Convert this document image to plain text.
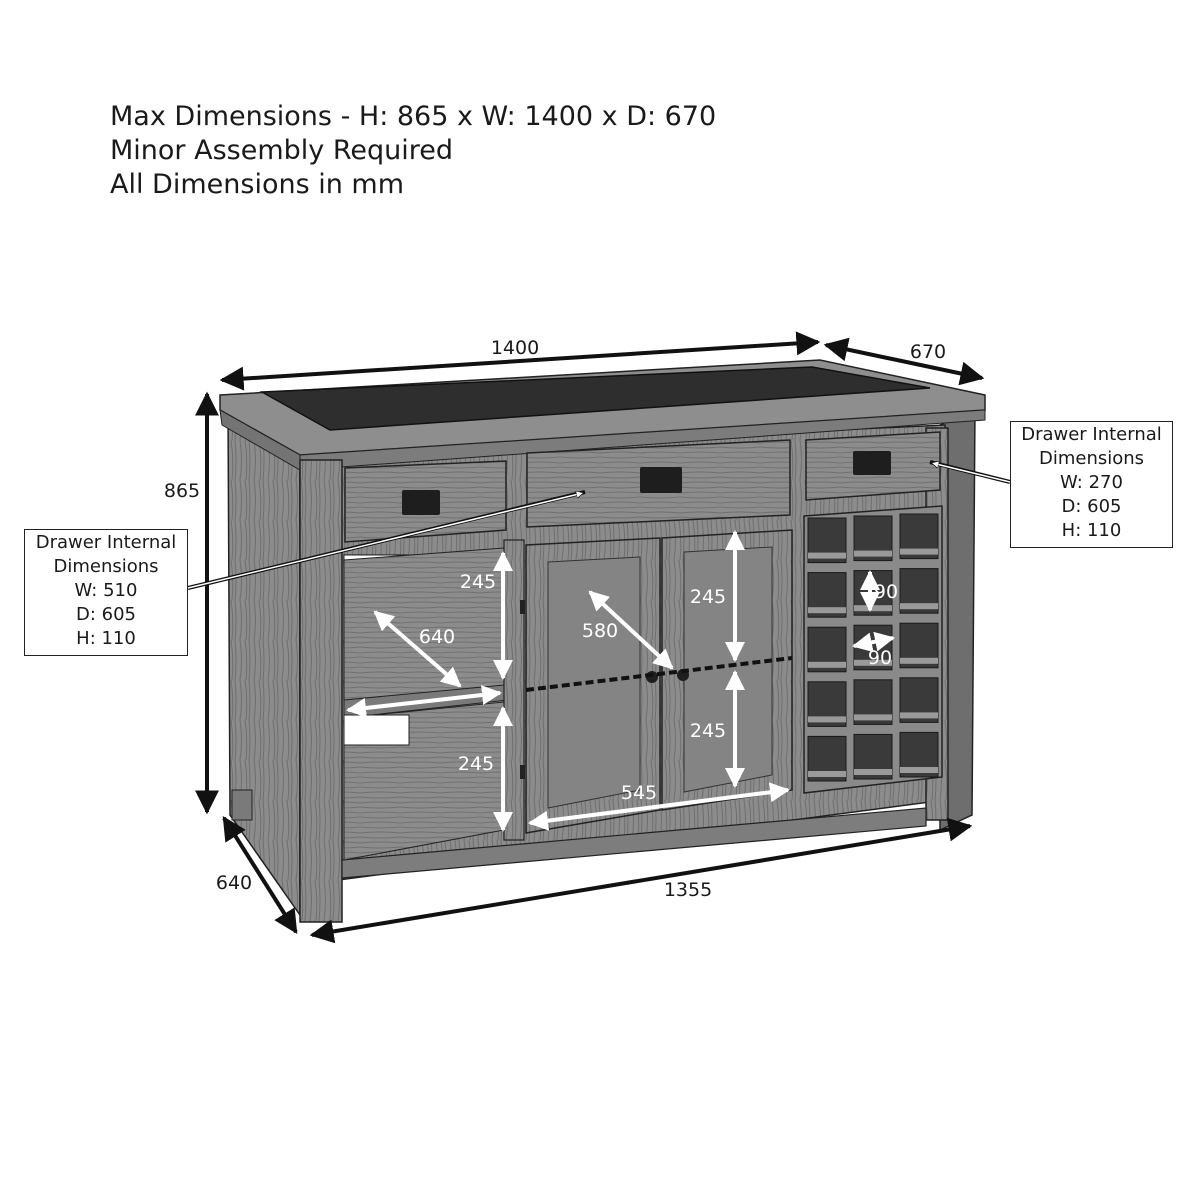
Max Dimensions - H: 865 x W: 1400 x D: 670
Minor Assembly Required
All Dimensions in mm
1400	670
865
640	1355
245
640
245
580
245
245
545
90
90
Drawer Internal
Dimensions
W: 510
D: 605
H: 110
Drawer Internal
Dimensions
W: 270
D: 605
H: 110
